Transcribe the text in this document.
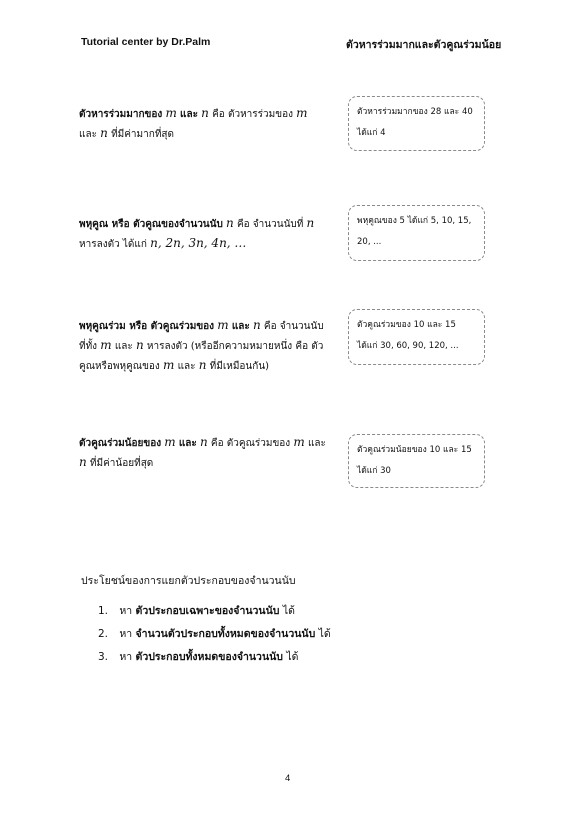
Tutorial center by Dr.Palm	ตัวหารร่วมมากและตัวคูณร่วมน้อย
ตัวหารร่วมมากของ m และ n คือ ตัวหารร่วมของ m
และ n ที่มีค่ามากที่สุด
ตัวหารร่วมมากของ 28 และ 40 ได้แก่ 4
พหุคูณ หรือ ตัวคูณของจำนวนนับ n คือ จำนวนนับที่ n
หารลงตัว ได้แก่ n, 2n, 3n, 4n, …
พหุคูณของ 5 ได้แก่ 5, 10, 15, 20, ...
พหุคูณร่วม หรือ ตัวคูณร่วมของ m และ n คือ จำนวนนับ
ที่ทั้ง m และ n หารลงตัว (หรืออีกความหมายหนึ่ง คือ ตัวคูณหรือพหุคูณของ m และ n ที่มีเหมือนกัน)
ตัวคูณร่วมของ 10 และ 15 ได้แก่ 30, 60, 90, 120, ...
ตัวคูณร่วมน้อยของ m และ n คือ ตัวคูณร่วมของ m และ
n ที่มีค่าน้อยที่สุด
ตัวคูณร่วมน้อยของ 10 และ 15 ได้แก่ 30
ประโยชน์ของการแยกตัวประกอบของจำนวนนับ
1. หา ตัวประกอบเฉพาะของจำนวนนับ ได้
2. หา จำนวนตัวประกอบทั้งหมดของจำนวนนับ ได้
3. หา ตัวประกอบทั้งหมดของจำนวนนับ ได้
4
